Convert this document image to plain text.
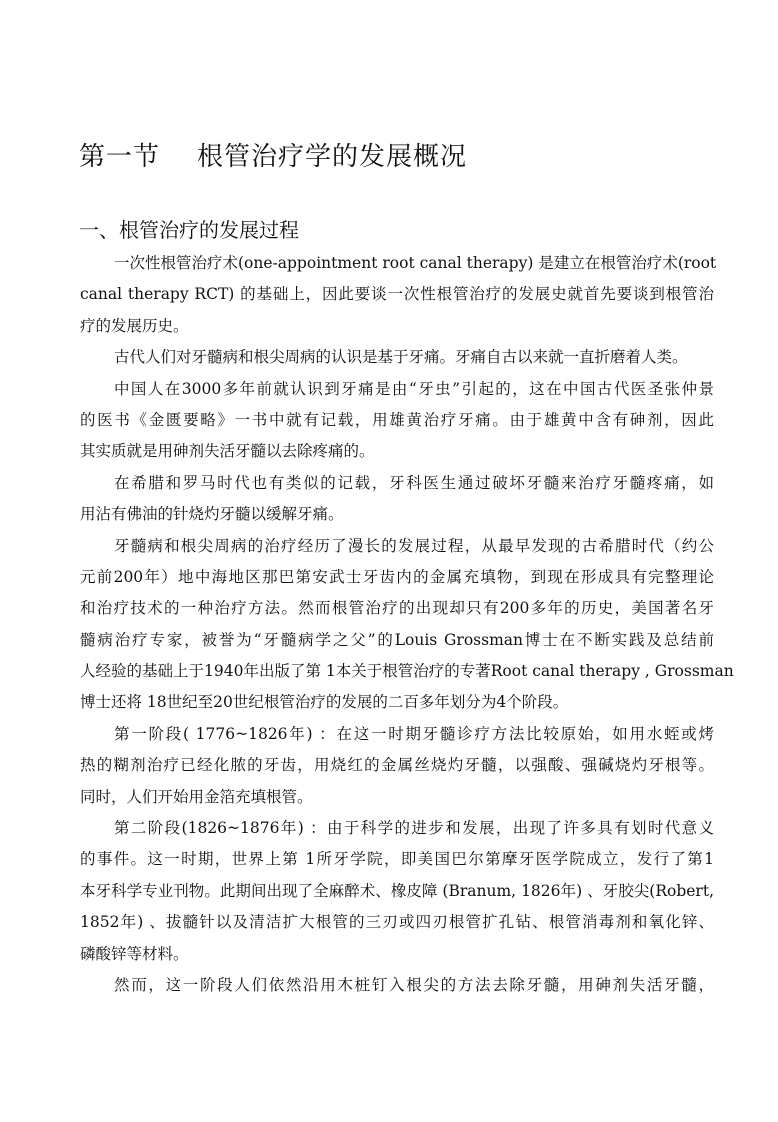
第一节    根管治疗学的发展概况
一、根管治疗的发展过程
一次性根管治疗术(one-appointment root canal therapy) 是建立在根管治疗术(root
canal therapy RCT) 的基础上，因此要谈一次性根管治疗的发展史就首先要谈到根管治
疗的发展历史。
古代人们对牙髓病和根尖周病的认识是基于牙痛。牙痛自古以来就一直折磨着人类。
中国人在3000多年前就认识到牙痛是由“牙虫”引起的，这在中国古代医圣张仲景
的医书《金匮要略》一书中就有记载，用雄黄治疗牙痛。由于雄黄中含有砷剂，因此
其实质就是用砷剂失活牙髓以去除疼痛的。
在希腊和罗马时代也有类似的记载，牙科医生通过破坏牙髓来治疗牙髓疼痛，如
用沾有佛油的针烧灼牙髓以缓解牙痛。
牙髓病和根尖周病的治疗经历了漫长的发展过程，从最早发现的古希腊时代（约公
元前200年）地中海地区那巴第安武士牙齿内的金属充填物，到现在形成具有完整理论
和治疗技术的一种治疗方法。然而根管治疗的出现却只有200多年的历史，美国著名牙
髓病治疗专家，被誉为“牙髓病学之父”的Louis Grossman博士在不断实践及总结前
人经验的基础上于1940年出版了第 1本关于根管治疗的专著Root canal therapy , Grossman
博士还将 18世纪至20世纪根管治疗的发展的二百多年划分为4个阶段。
第一阶段( 1776~1826年) ：在这一时期牙髓诊疗方法比较原始，如用水蛭或烤
热的糊剂治疗已经化脓的牙齿，用烧红的金属丝烧灼牙髓，以强酸、强碱烧灼牙根等。
同时，人们开始用金箔充填根管。
第二阶段(1826~1876年) ：由于科学的进步和发展，出现了许多具有划时代意义
的事件。这一时期，世界上第 1所牙学院，即美国巴尔第摩牙医学院成立，发行了第1
本牙科学专业刊物。此期间出现了全麻醉术、橡皮障 (Branum, 1826年) 、牙胶尖(Robert,
1852年) 、拔髓针以及清洁扩大根管的三刃或四刃根管扩孔钻、根管消毒剂和氧化锌、
磷酸锌等材料。
然而，这一阶段人们依然沿用木桩钉入根尖的方法去除牙髓，用砷剂失活牙髓，
